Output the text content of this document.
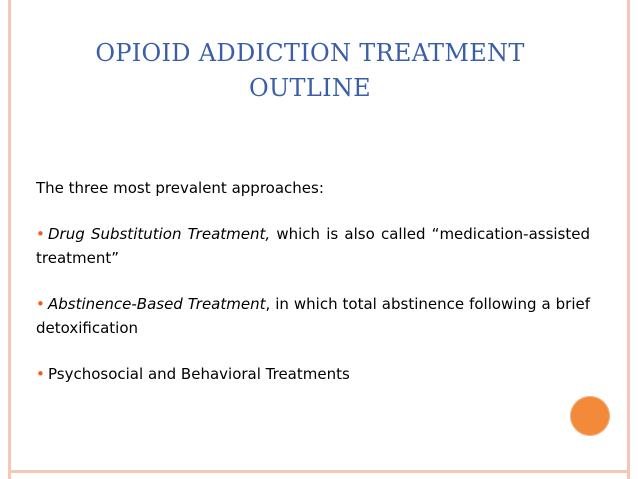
OPIOID ADDICTION TREATMENT
OUTLINE

The three most prevalent approaches:

• Drug Substitution Treatment, which is also called “medication-assisted treatment”

• Abstinence-Based Treatment, in which total abstinence following a brief detoxification

• Psychosocial and Behavioral Treatments
